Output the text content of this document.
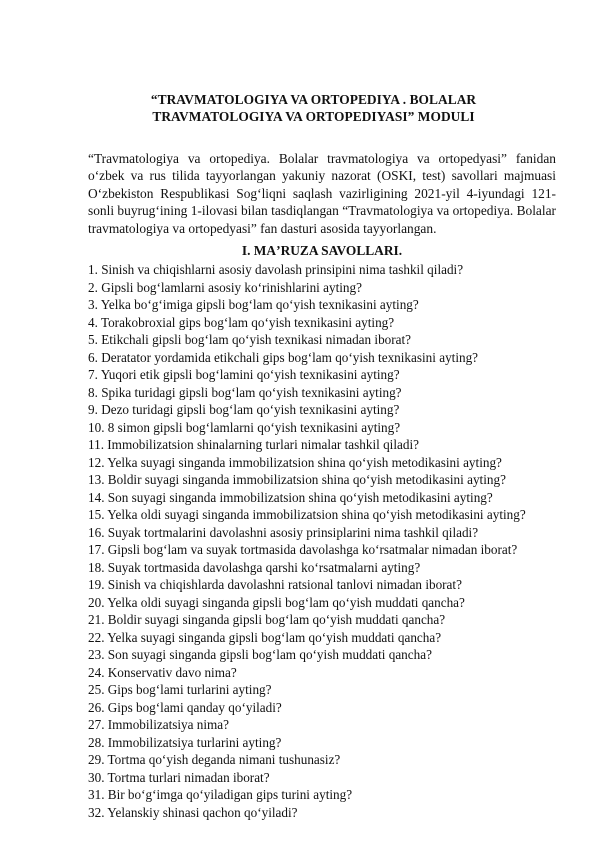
“TRAVMATOLOGIYA VA ORTOPEDIYA . BOLALAR
TRAVMATOLOGIYA VA ORTOPEDIYASI” MODULI
“Travmatologiya va ortopediya. Bolalar travmatologiya va ortopedyasi” fanidan oʻzbek va rus tilida tayyorlangan yakuniy nazorat (OSKI, test) savollari majmuasi Oʻzbekiston Respublikasi Sogʻliqni saqlash vazirligining 2021-yil 4-iyundagi 121-sonli buyrugʻining 1-ilovasi bilan tasdiqlangan “Travmatologiya va ortopediya. Bolalar travmatologiya va ortopedyasi” fan dasturi asosida tayyorlangan.
I. MAʼRUZA SAVOLLARI.
1. Sinish va chiqishlarni asosiy davolash prinsipini nima tashkil qiladi?
2. Gipsli bogʻlamlarni asosiy koʻrinishlarini ayting?
3. Yelka boʻgʻimiga gipsli bogʻlam qoʻyish texnikasini ayting?
4. Torakobroxial gips bogʻlam qoʻyish texnikasini ayting?
5. Etikchali gipsli bogʻlam qoʻyish texnikasi nimadan iborat?
6. Deratator yordamida etikchali gips bogʻlam qoʻyish texnikasini ayting?
7. Yuqori etik gipsli bogʻlamini qoʻyish texnikasini ayting?
8. Spika turidagi gipsli bogʻlam qoʻyish texnikasini ayting?
9. Dezo turidagi gipsli bogʻlam qoʻyish texnikasini ayting?
10. 8 simon gipsli bogʻlamlarni qoʻyish texnikasini ayting?
11. Immobilizatsion shinalarning turlari nimalar tashkil qiladi?
12. Yelka suyagi singanda immobilizatsion shina qoʻyish metodikasini ayting?
13. Boldir suyagi singanda immobilizatsion shina qoʻyish metodikasini ayting?
14. Son suyagi singanda immobilizatsion shina qoʻyish metodikasini ayting?
15. Yelka oldi suyagi singanda immobilizatsion shina qoʻyish metodikasini ayting?
16. Suyak tortmalarini davolashni asosiy prinsiplarini nima tashkil qiladi?
17. Gipsli bogʻlam va suyak tortmasida davolashga koʻrsatmalar nimadan iborat?
18. Suyak tortmasida davolashga qarshi koʻrsatmalarni ayting?
19. Sinish va chiqishlarda davolashni ratsional tanlovi nimadan iborat?
20. Yelka oldi suyagi singanda gipsli bogʻlam qoʻyish muddati qancha?
21. Boldir suyagi singanda gipsli bogʻlam qoʻyish muddati qancha?
22. Yelka suyagi singanda gipsli bogʻlam qoʻyish muddati qancha?
23. Son suyagi singanda gipsli bogʻlam qoʻyish muddati qancha?
24. Konservativ davo nima?
25. Gips bogʻlami turlarini ayting?
26. Gips bogʻlami qanday qoʻyiladi?
27. Immobilizatsiya nima?
28. Immobilizatsiya turlarini ayting?
29. Tortma qoʻyish deganda nimani tushunasiz?
30. Tortma turlari nimadan iborat?
31. Bir boʻgʻimga qoʻyiladigan gips turini ayting?
32. Yelanskiy shinasi qachon qoʻyiladi?
